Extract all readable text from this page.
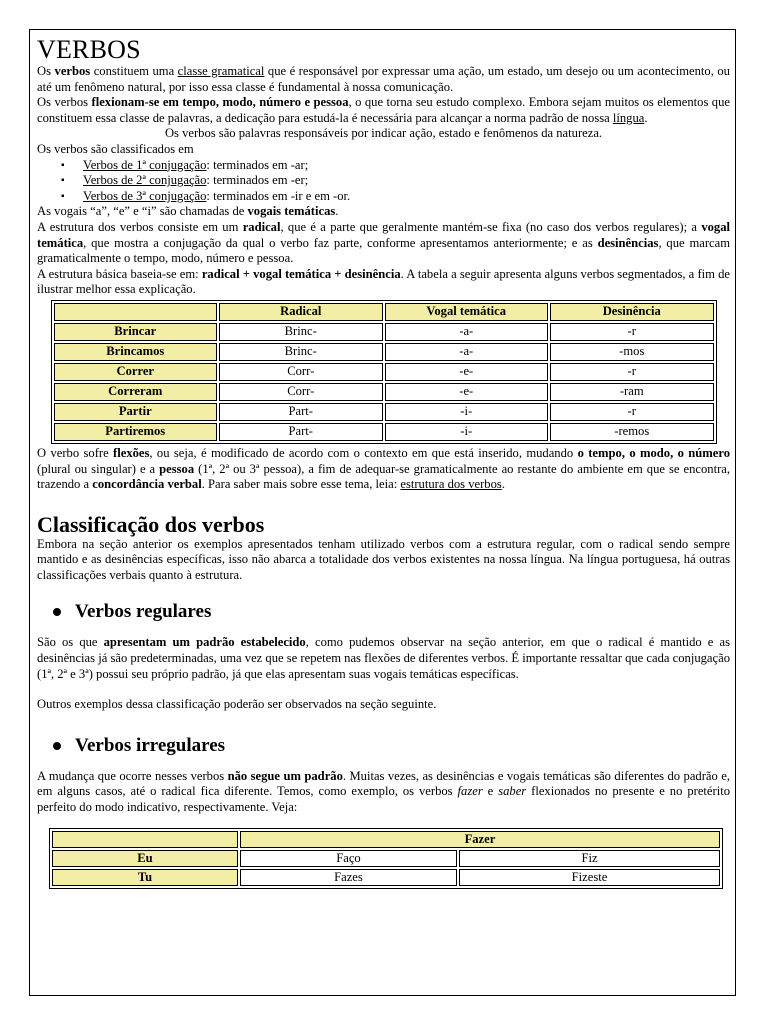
VERBOS

Os verbos constituem uma classe gramatical que é responsável por expressar uma ação, um estado, um desejo ou um acontecimento, ou até um fenômeno natural, por isso essa classe é fundamental à nossa comunicação.

Os verbos flexionam-se em tempo, modo, número e pessoa, o que torna seu estudo complexo. Embora sejam muitos os elementos que constituem essa classe de palavras, a dedicação para estudá-la é necessária para alcançar a norma padrão de nossa língua.

Os verbos são palavras responsáveis por indicar ação, estado e fenômenos da natureza.

Os verbos são classificados em

▪ Verbos de 1ª conjugação: terminados em -ar;
▪ Verbos de 2ª conjugação: terminados em -er;
▪ Verbos de 3ª conjugação: terminados em -ir e em -or.

As vogais “a”, “e” e “i” são chamadas de vogais temáticas.

A estrutura dos verbos consiste em um radical, que é a parte que geralmente mantém-se fixa (no caso dos verbos regulares); a vogal temática, que mostra a conjugação da qual o verbo faz parte, conforme apresentamos anteriormente; e as desinências, que marcam gramaticalmente o tempo, modo, número e pessoa.

A estrutura básica baseia-se em: radical + vogal temática + desinência. A tabela a seguir apresenta alguns verbos segmentados, a fim de ilustrar melhor essa explicação.

	Radical	Vogal temática	Desinência
Brincar	Brinc-	-a-	-r
Brincamos	Brinc-	-a-	-mos
Correr	Corr-	-e-	-r
Correram	Corr-	-e-	-ram
Partir	Part-	-i-	-r
Partiremos	Part-	-i-	-remos

O verbo sofre flexões, ou seja, é modificado de acordo com o contexto em que está inserido, mudando o tempo, o modo, o número (plural ou singular) e a pessoa (1ª, 2ª ou 3ª pessoa), a fim de adequar-se gramaticalmente ao restante do ambiente em que se encontra, trazendo a concordância verbal. Para saber mais sobre esse tema, leia: estrutura dos verbos.

Classificação dos verbos

Embora na seção anterior os exemplos apresentados tenham utilizado verbos com a estrutura regular, com o radical sendo sempre mantido e as desinências específicas, isso não abarca a totalidade dos verbos existentes na nossa língua. Na língua portuguesa, há outras classificações verbais quanto à estrutura.

Verbos regulares

São os que apresentam um padrão estabelecido, como pudemos observar na seção anterior, em que o radical é mantido e as desinências já são predeterminadas, uma vez que se repetem nas flexões de diferentes verbos. É importante ressaltar que cada conjugação (1ª, 2ª e 3ª) possui seu próprio padrão, já que elas apresentam suas vogais temáticas específicas.

Outros exemplos dessa classificação poderão ser observados na seção seguinte.

Verbos irregulares

A mudança que ocorre nesses verbos não segue um padrão. Muitas vezes, as desinências e vogais temáticas são diferentes do padrão e, em alguns casos, até o radical fica diferente. Temos, como exemplo, os verbos fazer e saber flexionados no presente e no pretérito perfeito do modo indicativo, respectivamente. Veja:

	Fazer	
Eu	Faço	Fiz
Tu	Fazes	Fizeste
